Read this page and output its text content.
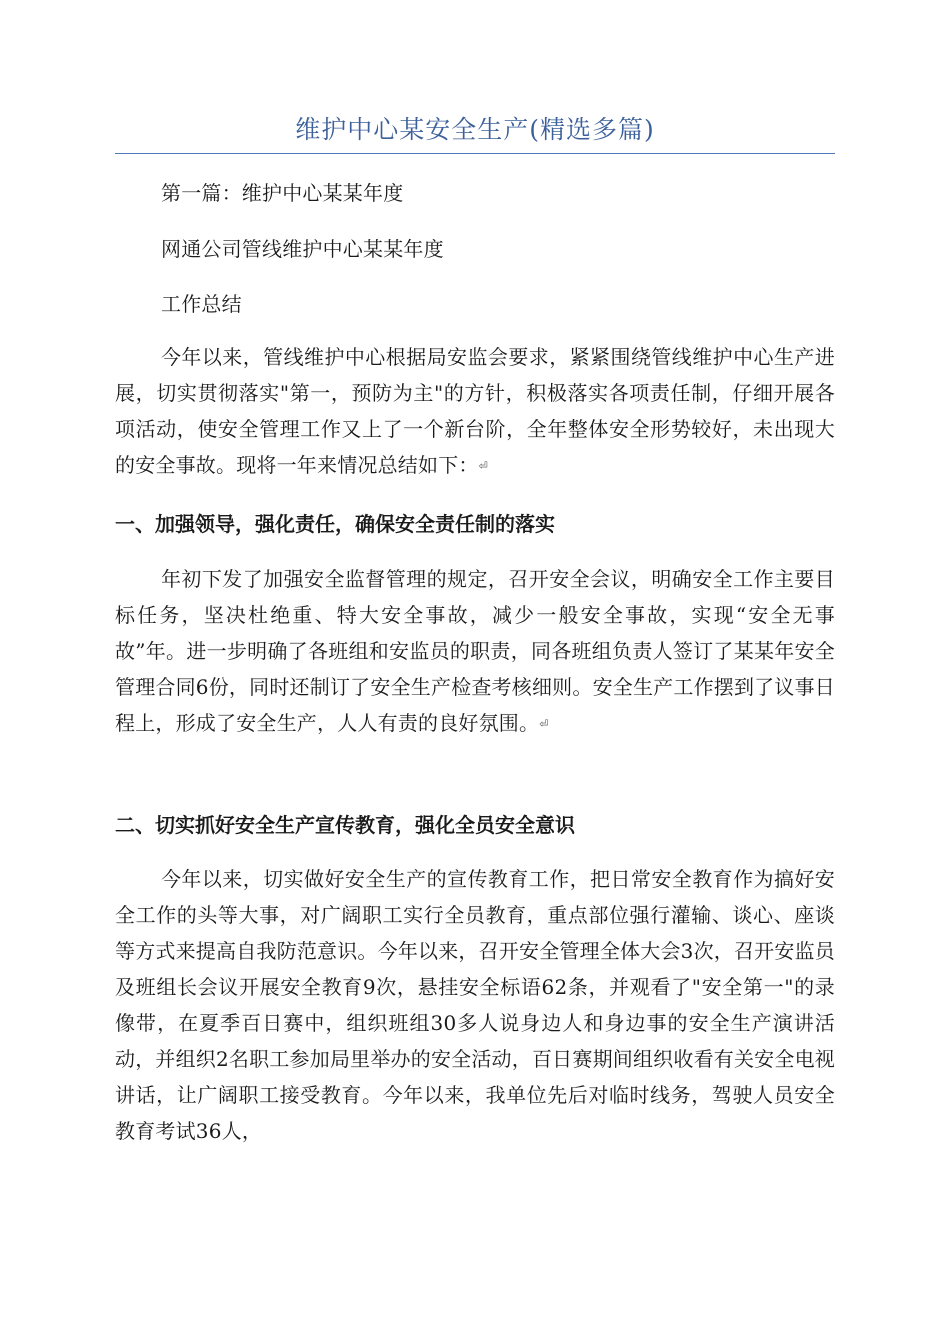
维护中心某安全生产(精选多篇)

第一篇：维护中心某某年度

网通公司管线维护中心某某年度

工作总结

今年以来，管线维护中心根据局安监会要求，紧紧围绕管线维护中心生产进展，切实贯彻落实"第一，预防为主"的方针，积极落实各项责任制，仔细开展各项活动，使安全管理工作又上了一个新台阶，全年整体安全形势较好，未出现大的安全事故。现将一年来情况总结如下：⏎

一、加强领导，强化责任，确保安全责任制的落实

年初下发了加强安全监督管理的规定，召开安全会议，明确安全工作主要目标任务，坚决杜绝重、特大安全事故，减少一般安全事故，实现“安全无事故”年。进一步明确了各班组和安监员的职责，同各班组负责人签订了某某年安全管理合同6份，同时还制订了安全生产检查考核细则。安全生产工作摆到了议事日程上，形成了安全生产，人人有责的良好氛围。⏎

二、切实抓好安全生产宣传教育，强化全员安全意识

今年以来，切实做好安全生产的宣传教育工作，把日常安全教育作为搞好安全工作的头等大事，对广阔职工实行全员教育，重点部位强行灌输、谈心、座谈等方式来提高自我防范意识。今年以来，召开安全管理全体大会3次，召开安监员及班组长会议开展安全教育9次，悬挂安全标语62条，并观看了"安全第一"的录像带，在夏季百日赛中，组织班组30多人说身边人和身边事的安全生产演讲活动，并组织2名职工参加局里举办的安全活动，百日赛期间组织收看有关安全电视讲话，让广阔职工接受教育。今年以来，我单位先后对临时线务，驾驶人员安全教育考试36人，
